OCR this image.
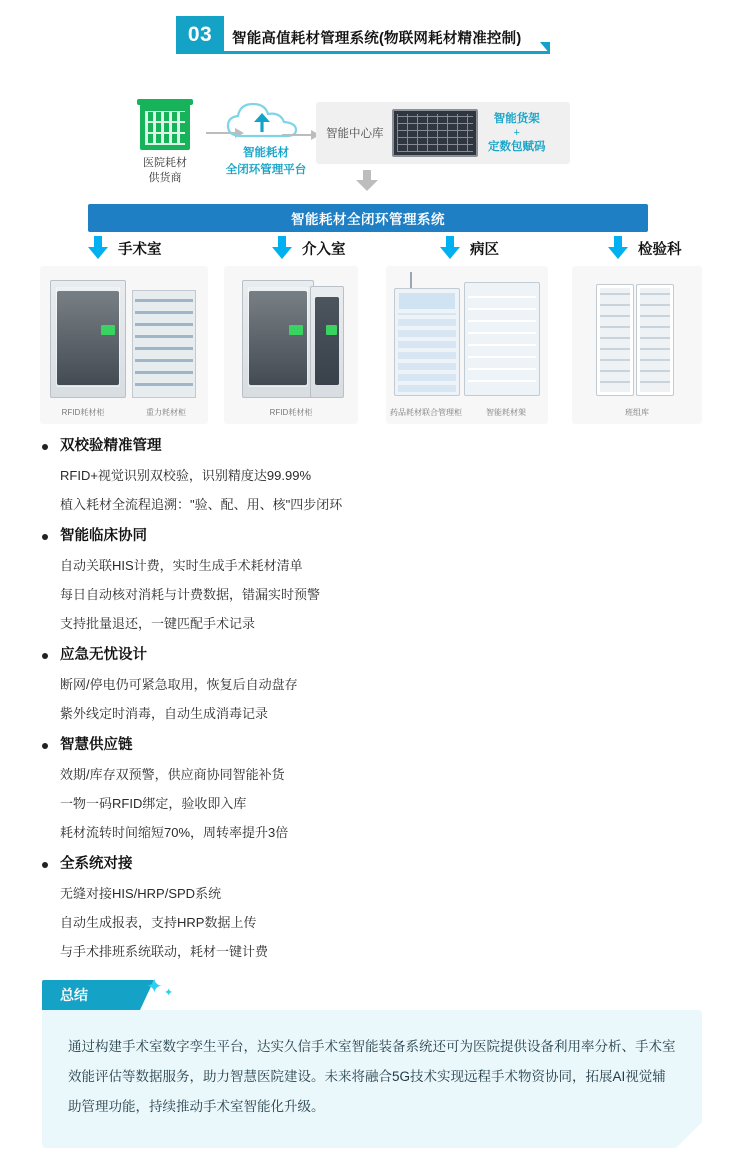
03	智能高值耗材管理系统(物联网耗材精准控制)
医院耗材
供货商
智能耗材
全闭环管理平台
智能中心库
智能货架
+
定数包赋码
智能耗材全闭环管理系统
手术室	介入室	病区	检验科
RFID耗材柜	重力耗材柜	RFID耗材柜	药品耗材联合管理柜	智能耗材架	班组库
双校验精准管理
RFID+视觉识别双校验，识别精度达99.99%
植入耗材全流程追溯："验、配、用、核"四步闭环
智能临床协同
自动关联HIS计费，实时生成手术耗材清单
每日自动核对消耗与计费数据，错漏实时预警
支持批量退还，一键匹配手术记录
应急无忧设计
断网/停电仍可紧急取用，恢复后自动盘存
紫外线定时消毒，自动生成消毒记录
智慧供应链
效期/库存双预警，供应商协同智能补货
一物一码RFID绑定，验收即入库
耗材流转时间缩短70%，周转率提升3倍
全系统对接
无缝对接HIS/HRP/SPD系统
自动生成报表，支持HRP数据上传
与手术排班系统联动，耗材一键计费
总结	✦ ✦
通过构建手术室数字孪生平台，达实久信手术室智能装备系统还可为医院提供设备利用率分析、手术室效能评估等数据服务，助力智慧医院建设。未来将融合5G技术实现远程手术物资协同，拓展AI视觉辅助管理功能，持续推动手术室智能化升级。
